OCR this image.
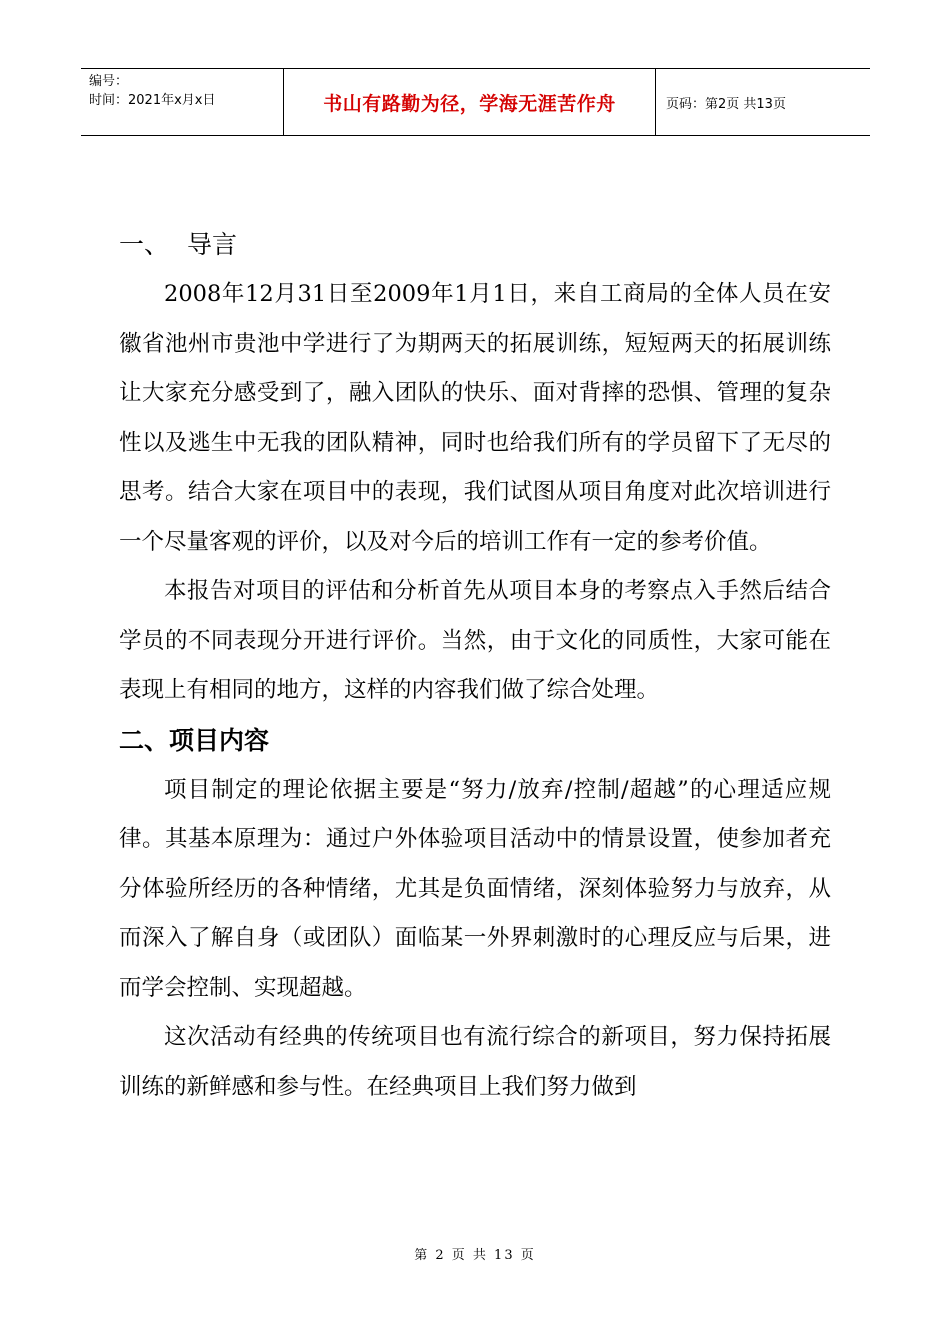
编号：
时间：2021年x月x日	书山有路勤为径，学海无涯苦作舟	页码：第2页 共13页
一、 导言

2008年12月31日至2009年1月1日，来自工商局的全体人员在安徽省池州市贵池中学进行了为期两天的拓展训练，短短两天的拓展训练让大家充分感受到了，融入团队的快乐、面对背摔的恐惧、管理的复杂性以及逃生中无我的团队精神，同时也给我们所有的学员留下了无尽的思考。结合大家在项目中的表现，我们试图从项目角度对此次培训进行一个尽量客观的评价，以及对今后的培训工作有一定的参考价值。

本报告对项目的评估和分析首先从项目本身的考察点入手然后结合学员的不同表现分开进行评价。当然，由于文化的同质性，大家可能在表现上有相同的地方，这样的内容我们做了综合处理。

二、项目内容

项目制定的理论依据主要是“努力/放弃/控制/超越”的心理适应规律。其基本原理为：通过户外体验项目活动中的情景设置，使参加者充分体验所经历的各种情绪，尤其是负面情绪，深刻体验努力与放弃，从而深入了解自身（或团队）面临某一外界刺激时的心理反应与后果，进而学会控制、实现超越。

这次活动有经典的传统项目也有流行综合的新项目，努力保持拓展训练的新鲜感和参与性。在经典项目上我们努力做到

第 2 页 共 13 页
